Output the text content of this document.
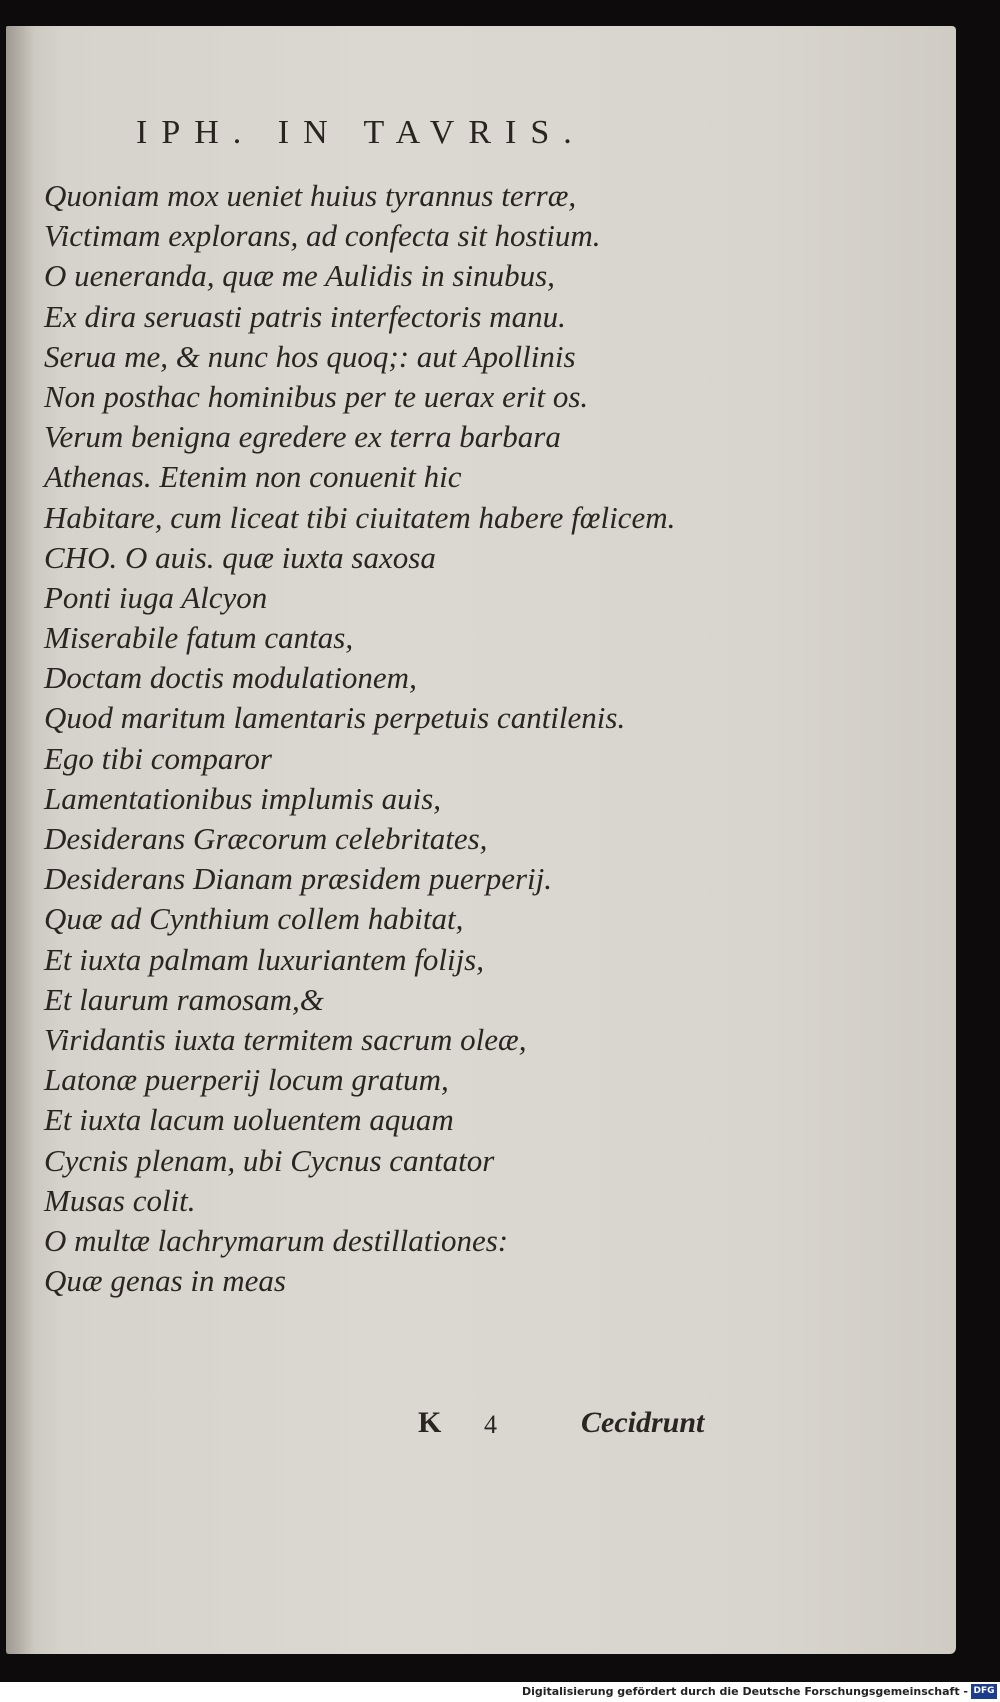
IPH. IN TAVRIS.
Quoniam mox ueniet huius tyrannus terræ,
Victimam explorans, ad confecta sit hostium.
O ueneranda, quæ me Aulidis in sinubus,
Ex dira seruasti patris interfectoris manu.
Serua me, & nunc hos quoq;: aut Apollinis
Non posthac hominibus per te uerax erit os.
Verum benigna egredere ex terra barbara
Athenas. Etenim non conuenit hic
Habitare, cum liceat tibi ciuitatem habere fœlicem.
CHO. O auis. quæ iuxta saxosa
Ponti iuga Alcyon
Miserabile fatum cantas,
Doctam doctis modulationem,
Quod maritum lamentaris perpetuis cantilenis.
Ego tibi comparor
Lamentationibus implumis auis,
Desiderans Græcorum celebritates,
Desiderans Dianam præsidem puerperij.
Quæ ad Cynthium collem habitat,
Et iuxta palmam luxuriantem folijs,
Et laurum ramosam,&
Viridantis iuxta termitem sacrum oleæ,
Latonæ puerperij locum gratum,
Et iuxta lacum uoluentem aquam
Cycnis plenam, ubi Cycnus cantator
Musas colit.
O multæ lachrymarum destillationes:
Quæ genas in meas
K 4	Cecidrunt
Digitalisierung gefördert durch die Deutsche Forschungsgemeinschaft - DFG
